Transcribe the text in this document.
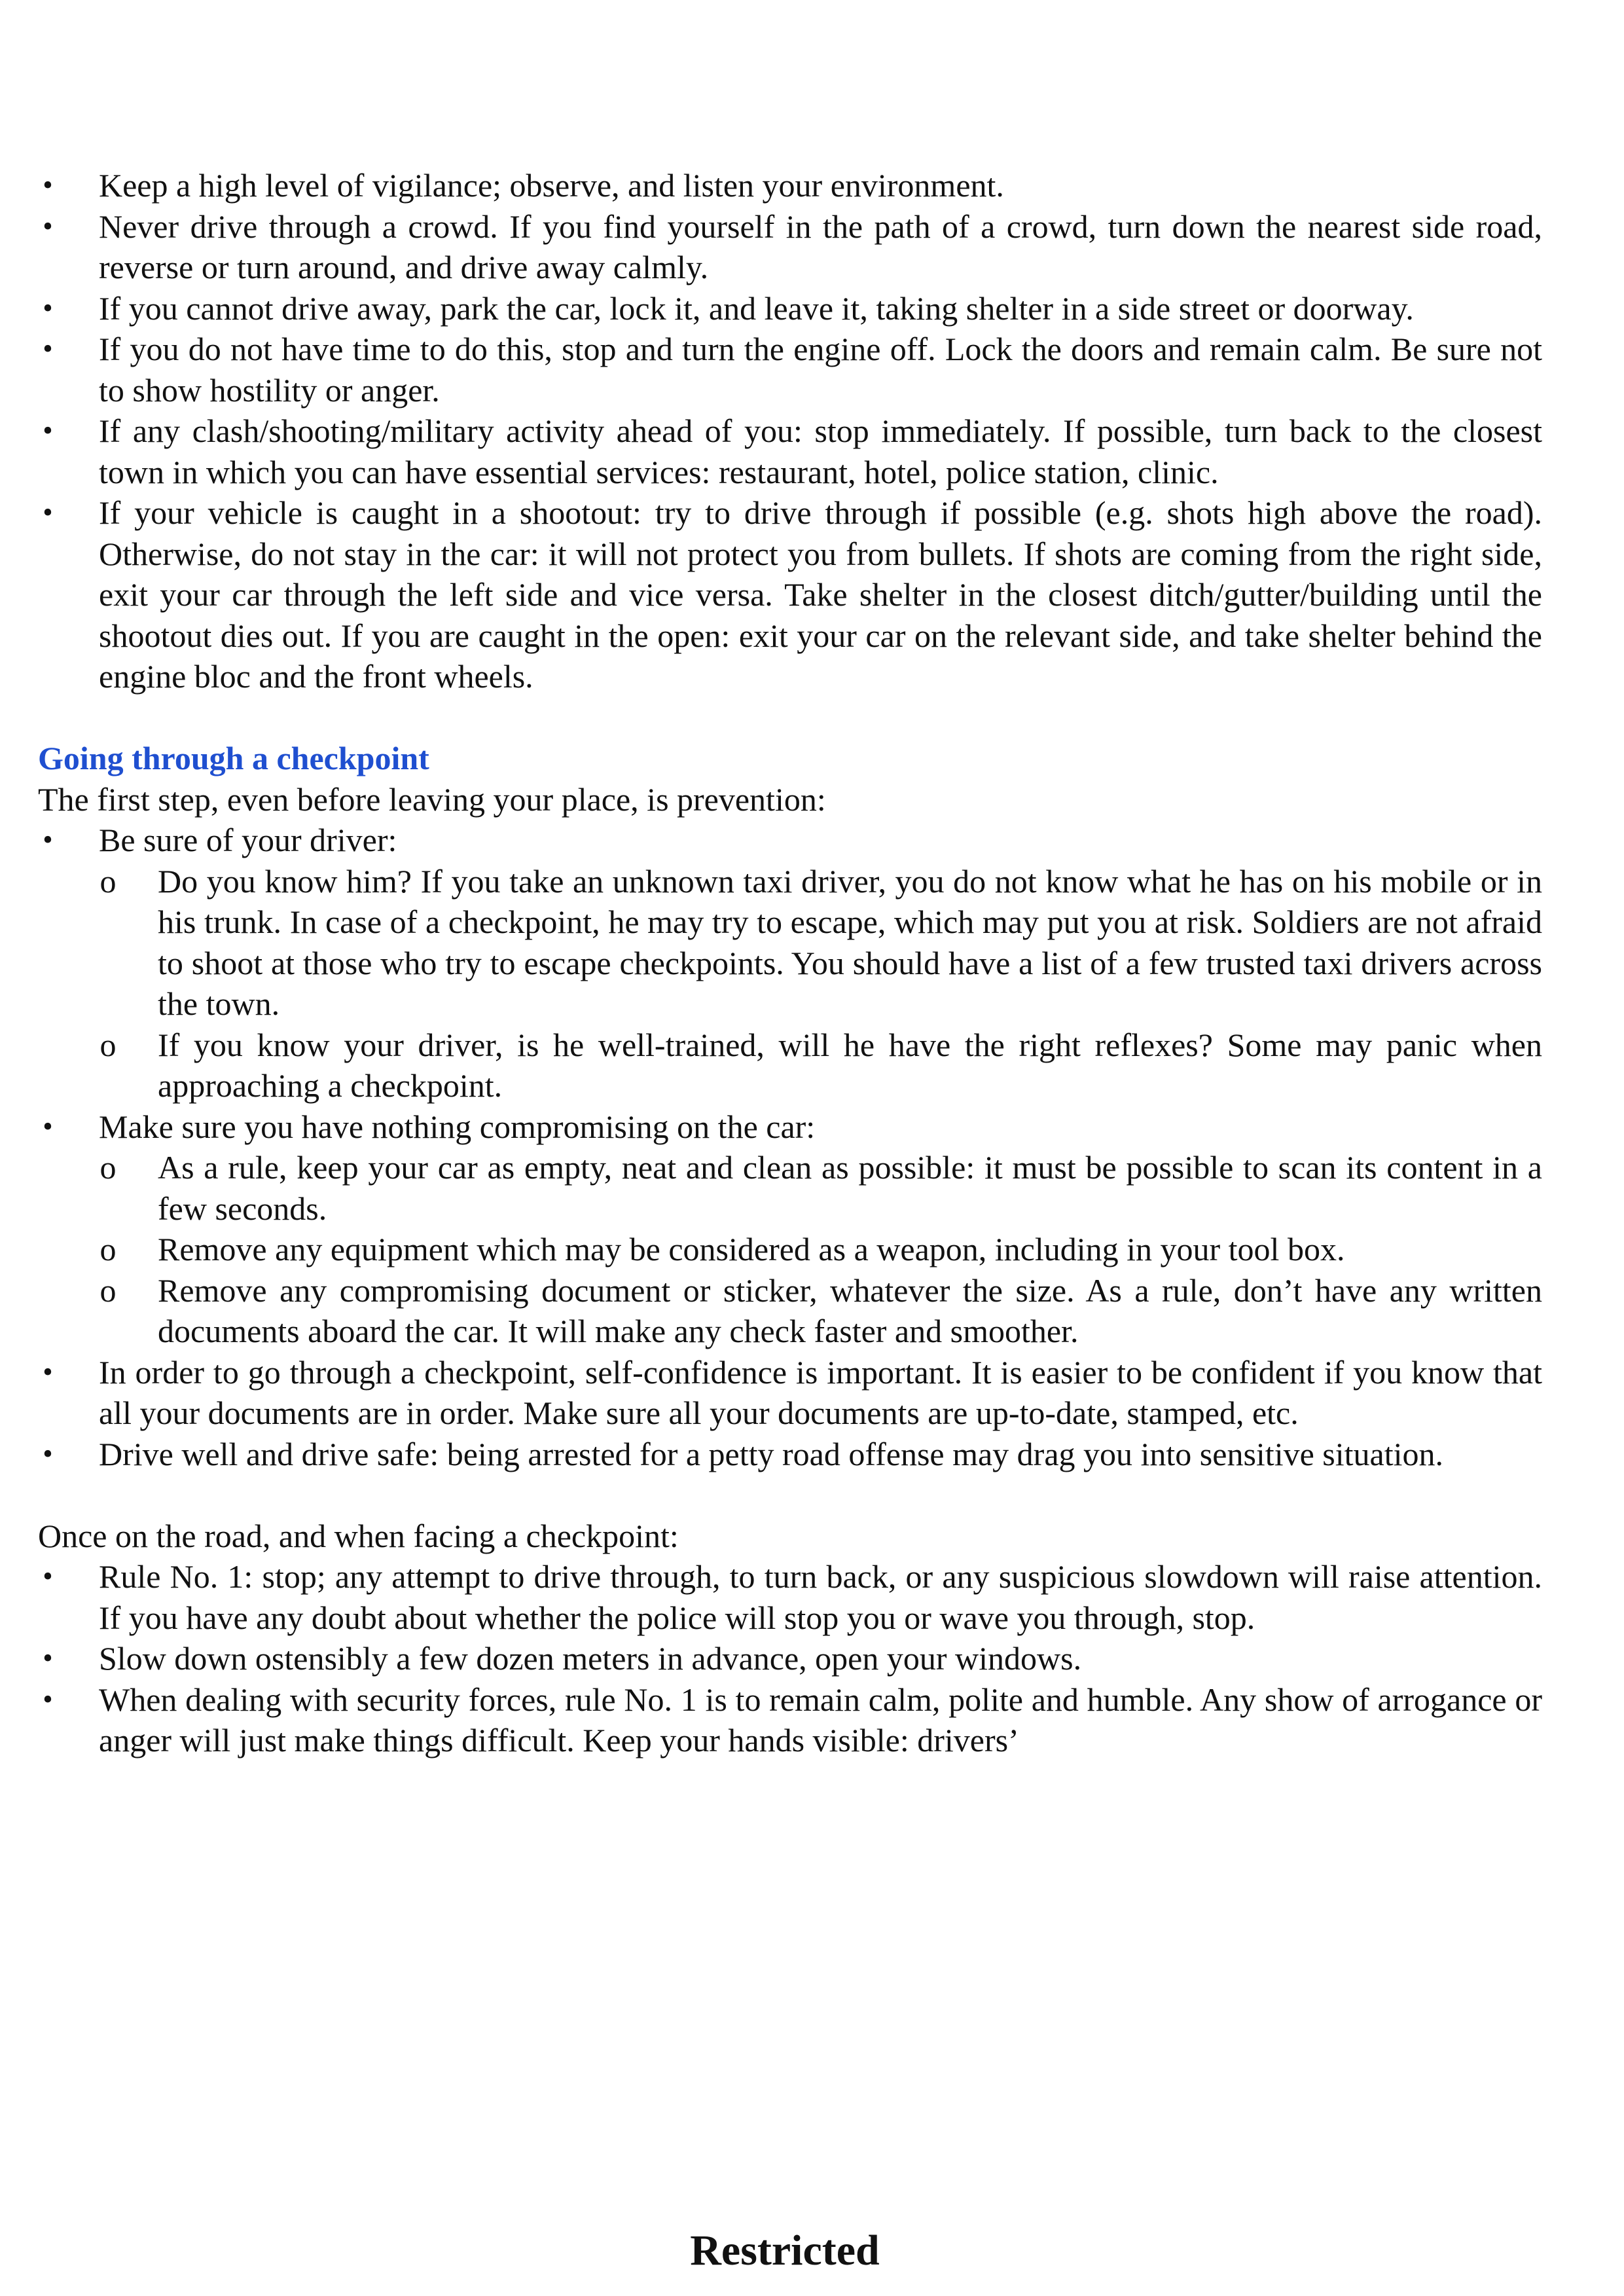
• Keep a high level of vigilance; observe, and listen your environment.
• Never drive through a crowd. If you find yourself in the path of a crowd, turn down the nearest side road, reverse or turn around, and drive away calmly.
• If you cannot drive away, park the car, lock it, and leave it, taking shelter in a side street or doorway.
• If you do not have time to do this, stop and turn the engine off. Lock the doors and remain calm. Be sure not to show hostility or anger.
• If any clash/shooting/military activity ahead of you: stop immediately. If possible, turn back to the closest town in which you can have essential services: restaurant, hotel, police station, clinic.
• If your vehicle is caught in a shootout: try to drive through if possible (e.g. shots high above the road). Otherwise, do not stay in the car: it will not protect you from bullets. If shots are coming from the right side, exit your car through the left side and vice versa. Take shelter in the closest ditch/gutter/building until the shootout dies out. If you are caught in the open: exit your car on the relevant side, and take shelter behind the engine bloc and the front wheels.
Going through a checkpoint
The first step, even before leaving your place, is prevention:
• Be sure of your driver:
o Do you know him? If you take an unknown taxi driver, you do not know what he has on his mobile or in his trunk. In case of a checkpoint, he may try to escape, which may put you at risk. Soldiers are not afraid to shoot at those who try to escape checkpoints. You should have a list of a few trusted taxi drivers across the town.
o If you know your driver, is he well-trained, will he have the right reflexes? Some may panic when approaching a checkpoint.
• Make sure you have nothing compromising on the car:
o As a rule, keep your car as empty, neat and clean as possible: it must be possible to scan its content in a few seconds.
o Remove any equipment which may be considered as a weapon, including in your tool box.
o Remove any compromising document or sticker, whatever the size. As a rule, don’t have any written documents aboard the car. It will make any check faster and smoother.
• In order to go through a checkpoint, self-confidence is important. It is easier to be confident if you know that all your documents are in order. Make sure all your documents are up-to-date, stamped, etc.
• Drive well and drive safe: being arrested for a petty road offense may drag you into sensitive situation.
Once on the road, and when facing a checkpoint:
• Rule No. 1: stop; any attempt to drive through, to turn back, or any suspicious slowdown will raise attention. If you have any doubt about whether the police will stop you or wave you through, stop.
• Slow down ostensibly a few dozen meters in advance, open your windows.
• When dealing with security forces, rule No. 1 is to remain calm, polite and humble. Any show of arrogance or anger will just make things difficult. Keep your hands visible: drivers’
Restricted
